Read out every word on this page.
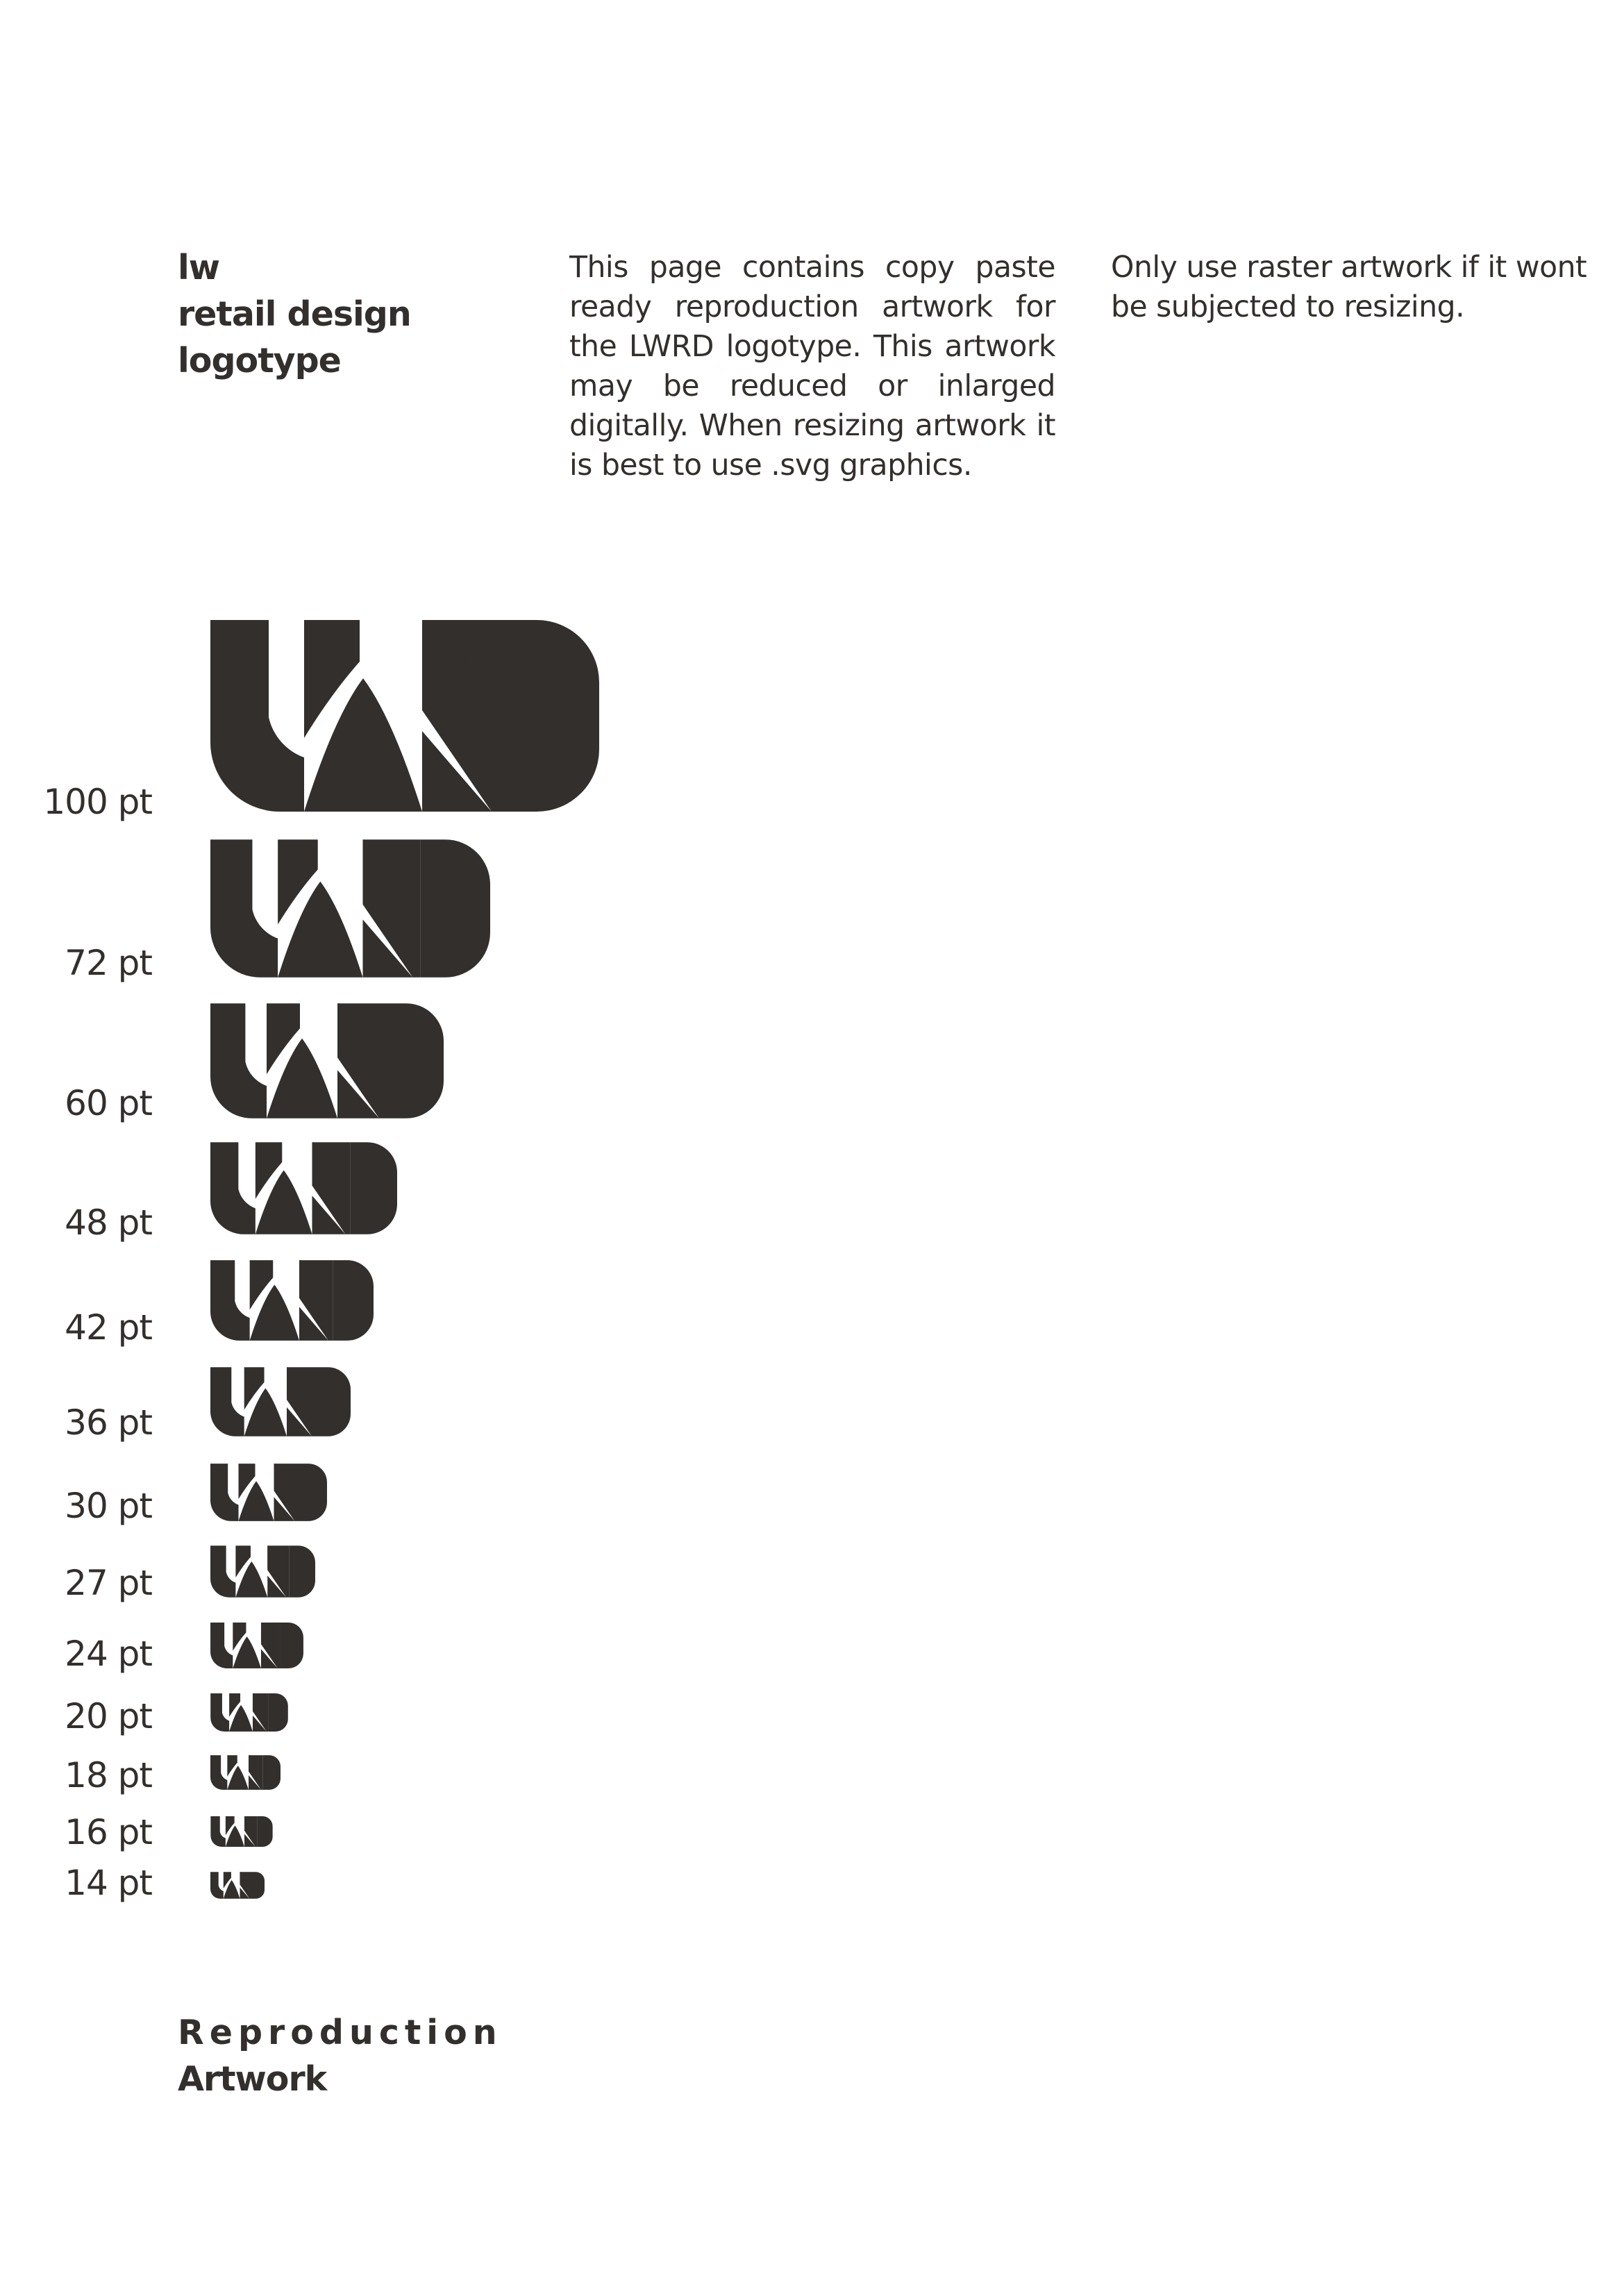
lw
retail design
logotype

This page contains copy paste ready reproduction artwork for the LWRD logotype. This artwork may be reduced or inlarged digitally. When resizing artwork it is best to use .svg graphics.

Only use raster artwork if it wont be subjected to resizing.

100 pt
72 pt
60 pt
48 pt
42 pt
36 pt
30 pt
27 pt
24 pt
20 pt
18 pt
16 pt
14 pt
Reproduction
Artwork
